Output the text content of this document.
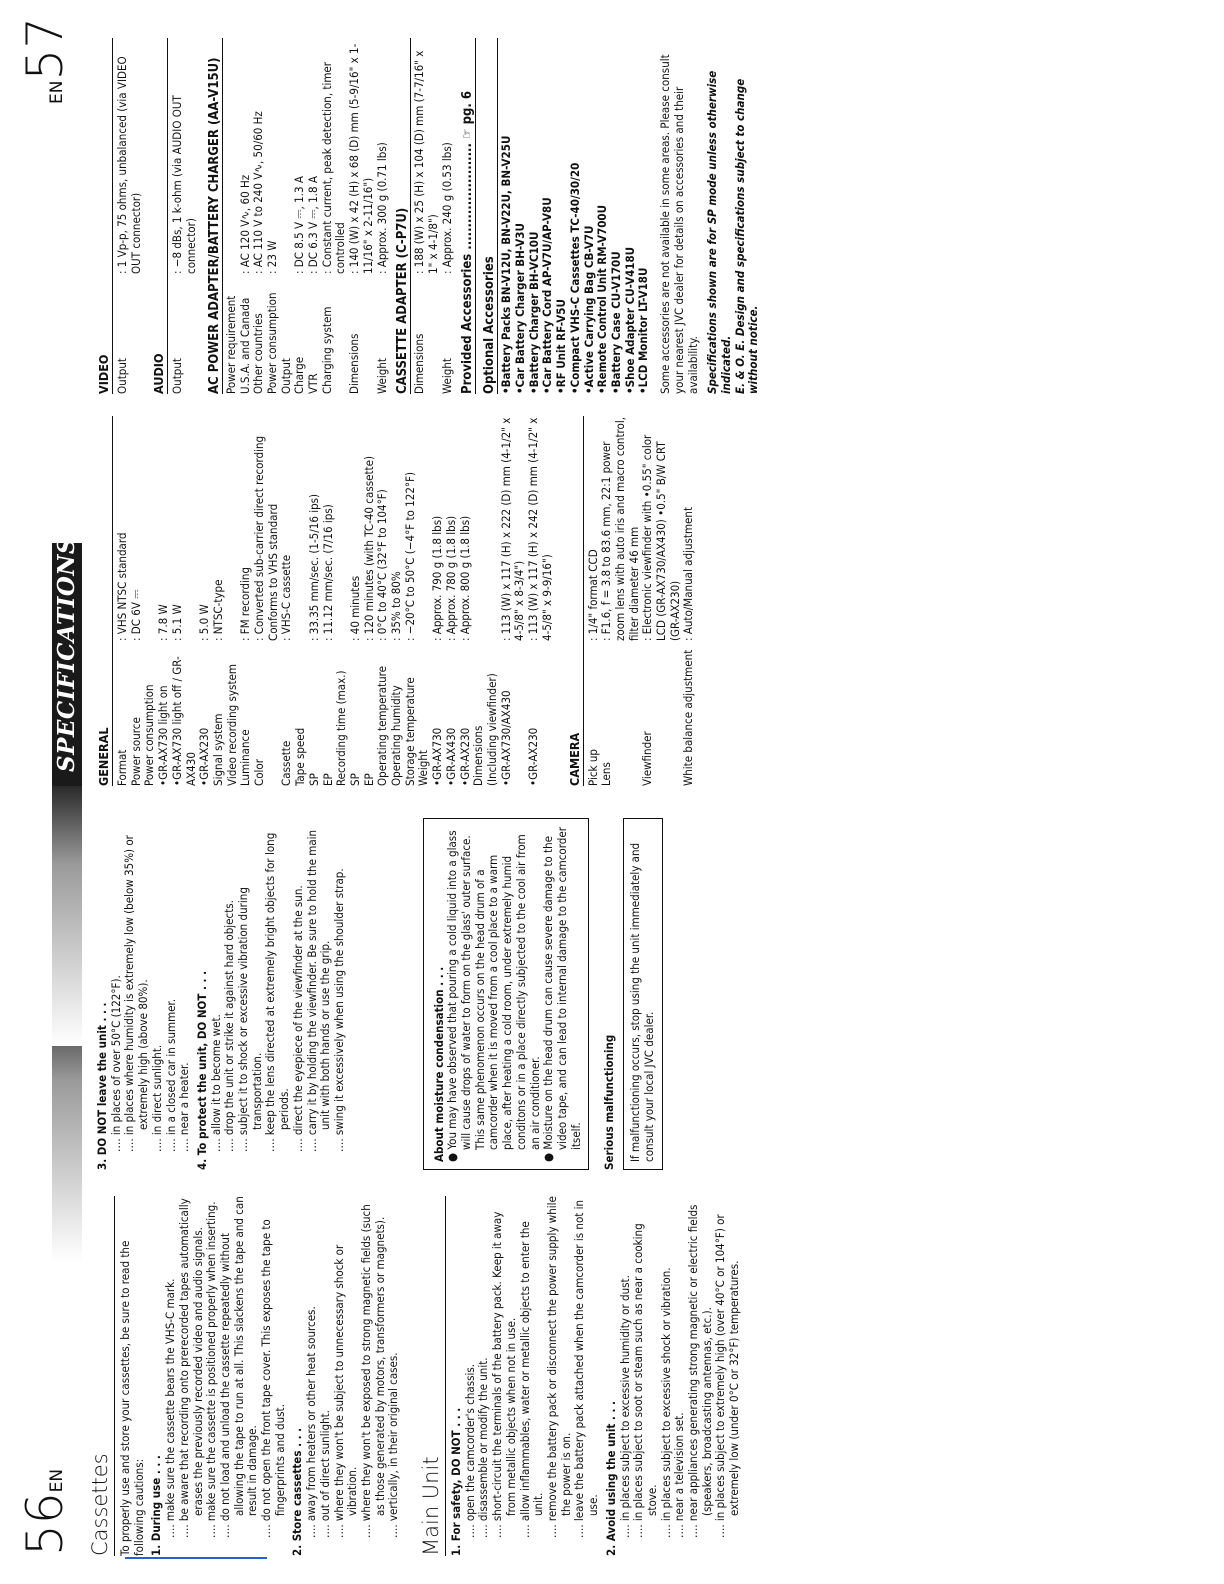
56EN
(cont.)
Cassettes To properly use and store your cassettes, be sure to read the following cautions: 1. During use . . . …. make sure the cassette bears the VHS-C mark.
…. be aware that recording onto prerecorded tapes automatically erases the previously recorded video and audio signals.
…. make sure the cassette is positioned properly when inserting.
…. do not load and unload the cassette repeatedly without allowing the tape to run at all. This slackens the tape and can result in damage.
…. do not open the front tape cover. This exposes the tape to fingerprints and dust. 2. Store cassettes . . . …. away from heaters or other heat sources.
…. out of direct sunlight.
…. where they won't be subject to unnecessary shock or vibration.
…. where they won't be exposed to strong magnetic fields (such as those generated by motors, transformers or magnets).
…. vertically, in their original cases. Main Unit 1. For safety, DO NOT . . . …. open the camcorder's chassis.
…. disassemble or modify the unit.
…. short-circuit the terminals of the battery pack. Keep it away from metallic objects when not in use.
…. allow inflammables, water or metallic objects to enter the unit.
…. remove the battery pack or disconnect the power supply while the power is on.
…. leave the battery pack attached when the camcorder is not in use. 2. Avoid using the unit . . . …. in places subject to excessive humidity or dust.
…. in places subject to soot or steam such as near a cooking stove.
…. in places subject to excessive shock or vibration.
…. near a television set.
…. near appliances generating strong magnetic or electric fields (speakers, broadcasting antennas, etc.).
…. in places subject to extremely high (over 40°C or 104°F) or extremely low (under 0°C or 32°F) temperatures.
3. DO NOT leave the unit . . . …. in places of over 50°C (122°F).
…. in places where humidity is extremely low (below 35%) or extremely high (above 80%).
…. in direct sunlight.
…. in a closed car in summer.
…. near a heater. 4. To protect the unit, DO NOT . . . …. allow it to become wet.
…. drop the unit or strike it against hard objects.
…. subject it to shock or excessive vibration during transportation.
…. keep the lens directed at extremely bright objects for long periods.
…. direct the eyepiece of the viewfinder at the sun.
…. carry it by holding the viewfinder. Be sure to hold the main unit with both hands or use the grip.
…. swing it excessively when using the shoulder strap.	About moisture condensation . . . ● You may have observed that pouring a cold liquid into a glass will cause drops of water to form on the glass' outer surface. This same phenomenon occurs on the head drum of a camcorder when it is moved from a cool place to a warm place, after heating a cold room, under extremely humid conditons or in a place directly subjected to the cool air from an air conditioner.
● Moisture on the head drum can cause severe damage to the video tape, and can lead to internal damage to the camcorder itself. Serious malfunctioning	If malfunctioning occurs, stop using the unit immediately and consult your local JVC dealer.
SPECIFICATIONS
EN57
GENERAL Format
: VHS NTSC standard
Power source
: DC 6V ⎓
Power consumption •GR-AX730 light on
: 7.8 W
•GR-AX730 light off / GR-AX430
: 5.1 W
•GR-AX230
: 5.0 W
Signal system
: NTSC-type
Video recording system Luminance
: FM recording
Color
: Converted sub-carrier direct recording Conforms to VHS standard
Cassette
: VHS-C cassette
Tape speed SP
: 33.35 mm/sec. (1-5/16 ips)
EP
: 11.12 mm/sec. (7/16 ips)
Recording time (max.) SP
: 40 minutes
EP
: 120 minutes (with TC-40 cassette)
Operating temperature
: 0°C to 40°C (32°F to 104°F)
Operating humidity
: 35% to 80%
Storage temperature
: −20°C to 50°C (−4°F to 122°F)
Weight •GR-AX730
: Approx. 790 g (1.8 lbs)
•GR-AX430
: Approx. 780 g (1.8 lbs)
•GR-AX230
: Approx. 800 g (1.8 lbs)
Dimensions (Including viewfinder) •GR-AX730/AX430
: 113 (W) x 117 (H) x 222 (D) mm (4-1/2" x 4-5/8" x 8-3/4")
•GR-AX230
: 113 (W) x 117 (H) x 242 (D) mm (4-1/2" x 4-5/8" x 9-9/16")
CAMERA Pick up
: 1/4" format CCD
Lens
: F1.6, f = 3.8 to 83.6 mm, 22:1 power zoom lens with auto iris and macro control, filter diameter 46 mm
Viewfinder
: Electronic viewfinder with •0.55" color LCD (GR-AX730/AX430) •0.5" B/W CRT (GR-AX230)
White balance adjustment
: Auto/Manual adjustment
VIDEO Output
: 1 Vp-p, 75 ohms, unbalanced (via VIDEO OUT connector)
AUDIO Output
: −8 dBs, 1 k-ohm (via AUDIO OUT connector) AC POWER ADAPTER/BATTERY CHARGER (AA-V15U) Power requirement U.S.A. and Canada
: AC 120 V∿, 60 Hz
Other countries
: AC 110 V to 240 V∿, 50/60 Hz
Power consumption
: 23 W
Output Charge
: DC 8.5 V ⎓, 1.3 A
VTR
: DC 6.3 V ⎓, 1.8 A
Charging system
: Constant current, peak detection, timer controlled
Dimensions
: 140 (W) x 42 (H) x 68 (D) mm (5-9/16" x 1-11/16" x 2-11/16")
Weight
: Approx. 300 g (0.71 lbs) CASSETTE ADAPTER (C-P7U) Dimensions
: 188 (W) x 25 (H) x 104 (D) mm (7-7/16" x 1" x 4-1/8")
Weight
: Approx. 240 g (0.53 lbs) Provided Accessories ........................ ☞ pg. 6 Optional Accessories •Battery Packs BN-V12U, BN-V22U, BN-V25U •Car Battery Charger BH-V3U •Battery Charger BH-VC10U •Car Battery Cord AP-V7U/AP-V8U •RF Unit RF-V5U •Compact VHS-C Cassettes TC-40/30/20 •Active Carrying Bag CB-V7U •Remote Control Unit RM-V700U •Battery Case CU-V170U •Shoe Adapter CU-V418U •LCD Monitor LT-V18U Some accessories are not available in some areas. Please consult your nearest JVC dealer for details on accessories and their availability. Specifications shown are for SP mode unless otherwise indicated. E. & O. E. Design and specifications subject to change without notice.
